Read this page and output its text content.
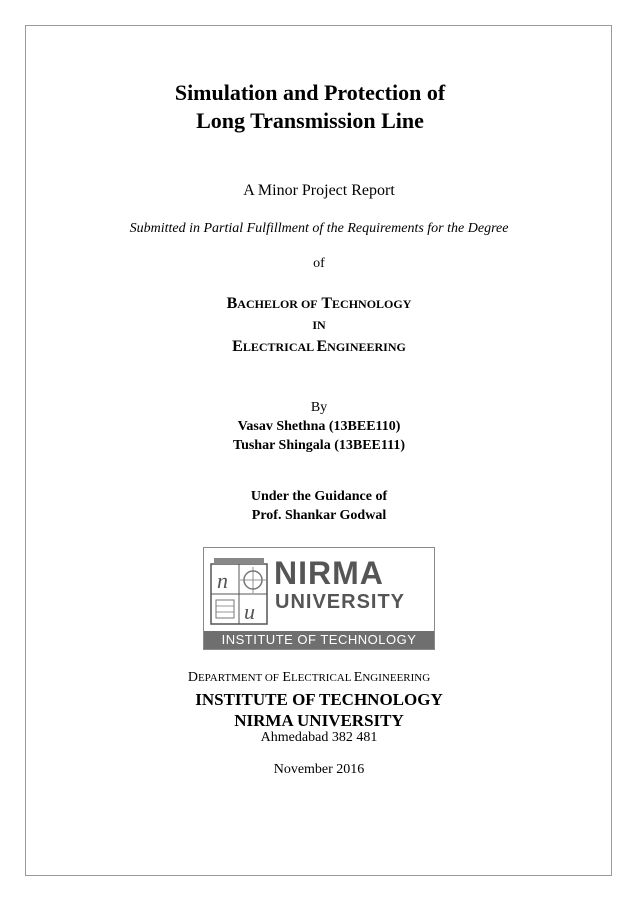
Simulation and Protection of
Long Transmission Line
A Minor Project Report
Submitted in Partial Fulfillment of the Requirements for the Degree
of
BACHELOR OF TECHNOLOGY
IN
ELECTRICAL ENGINEERING
By
Vasav Shethna (13BEE110)
Tushar Shingala (13BEE111)
Under the Guidance of
Prof. Shankar Godwal
n
u
NIRMA
UNIVERSITY
INSTITUTE OF TECHNOLOGY
DEPARTMENT OF ELECTRICAL ENGINEERING
INSTITUTE OF TECHNOLOGY
NIRMA UNIVERSITY
Ahmedabad 382 481
November 2016
